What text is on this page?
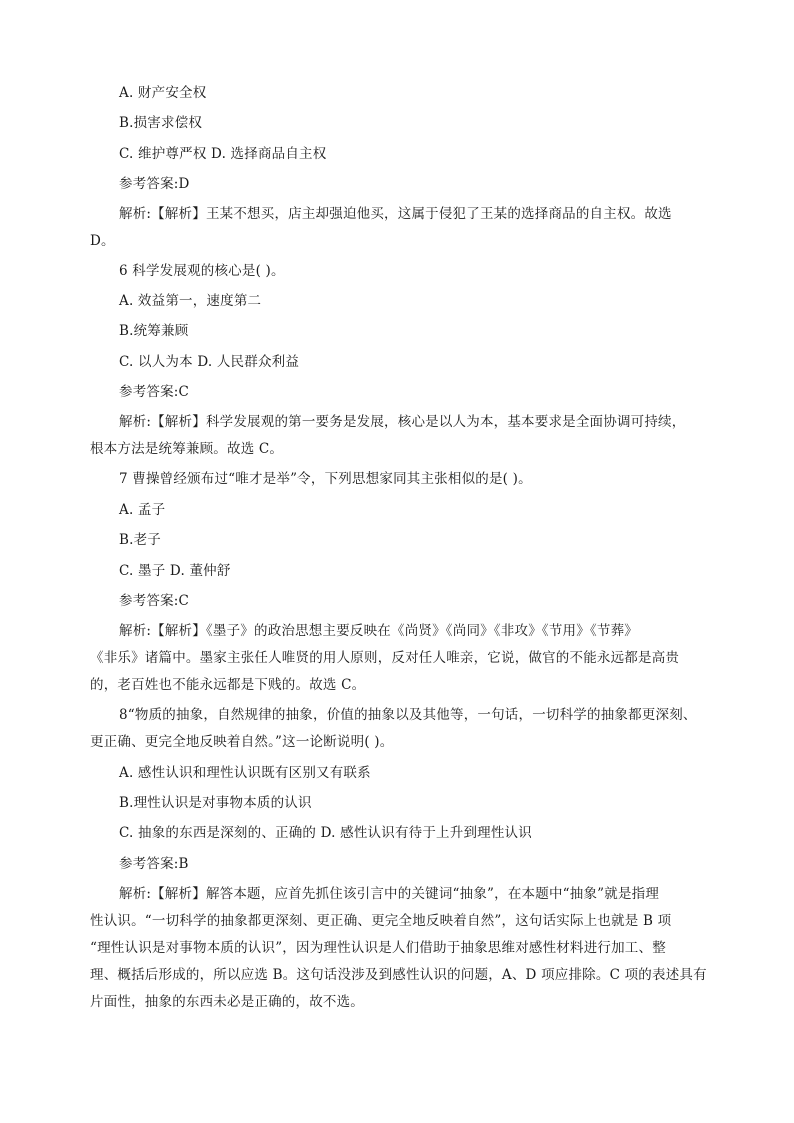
A. 财产安全权
B.损害求偿权
C. 维护尊严权 D. 选择商品自主权
参考答案:D
解析:【解析】王某不想买，店主却强迫他买，这属于侵犯了王某的选择商品的自主权。故选
D。
6 科学发展观的核心是( )。
A. 效益第一，速度第二
B.统筹兼顾
C. 以人为本 D. 人民群众利益
参考答案:C
解析:【解析】科学发展观的第一要务是发展，核心是以人为本，基本要求是全面协调可持续，
根本方法是统筹兼顾。故选 C。
7 曹操曾经颁布过“唯才是举”令，下列思想家同其主张相似的是( )。
A. 孟子
B.老子
C. 墨子 D. 董仲舒
参考答案:C
解析:【解析】《墨子》的政治思想主要反映在《尚贤》《尚同》《非攻》《节用》《节葬》
《非乐》诸篇中。墨家主张任人唯贤的用人原则，反对任人唯亲，它说，做官的不能永远都是高贵
的，老百姓也不能永远都是下贱的。故选 C。
8“物质的抽象，自然规律的抽象，价值的抽象以及其他等，一句话，一切科学的抽象都更深刻、
更正确、更完全地反映着自然。”这一论断说明( )。
A. 感性认识和理性认识既有区别又有联系
B.理性认识是对事物本质的认识
C. 抽象的东西是深刻的、正确的 D. 感性认识有待于上升到理性认识
参考答案:B
解析:【解析】解答本题，应首先抓住该引言中的关键词“抽象”，在本题中“抽象”就是指理
性认识。“一切科学的抽象都更深刻、更正确、更完全地反映着自然”，这句话实际上也就是 B 项
“理性认识是对事物本质的认识”，因为理性认识是人们借助于抽象思维对感性材料进行加工、整
理、概括后形成的，所以应选 B。这句话没涉及到感性认识的问题，A、D 项应排除。C 项的表述具有
片面性，抽象的东西未必是正确的，故不选。
